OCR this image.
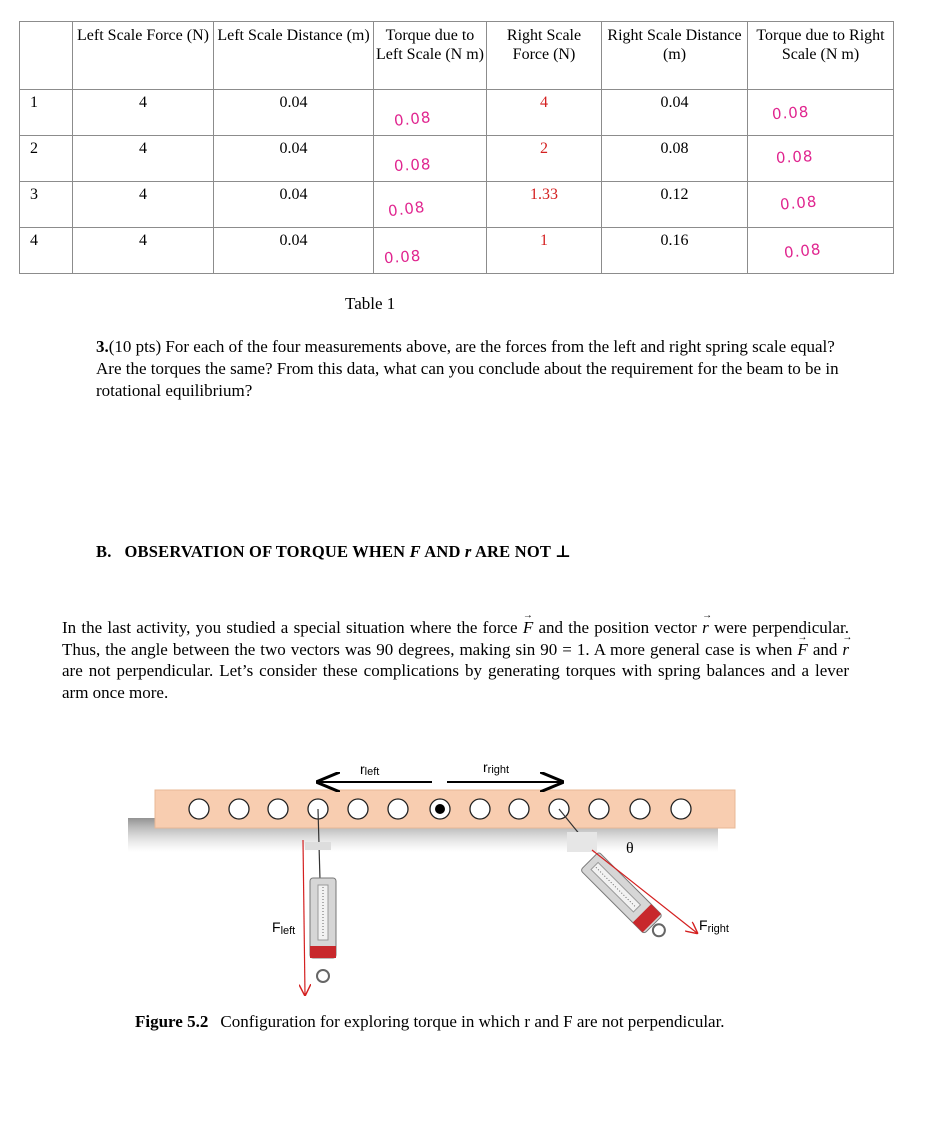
	Left Scale Force (N)	Left Scale Distance (m)	Torque due to Left Scale (N m)	Right Scale Force (N)	Right Scale Distance (m)	Torque due to Right Scale (N m)
1	4	0.04	0.08	4	0.04	0.08

2	4	0.04	0.08	2	0.08	0.08

3	4	0.04	0.08	1.33	0.12	0.08

4	4	0.04	0.08	1	0.16	0.08
Table 1
3.(10 pts) For each of the four measurements above, are the forces from the left and right spring scale equal? Are the torques the same? From this data, what can you conclude about the requirement for the beam to be in rotational equilibrium?
B.   OBSERVATION OF TORQUE WHEN F AND r ARE NOT ⊥
In the last activity, you studied a special situation where the force → F and the position vector → r were perpendicular. Thus, the angle between the two vectors was 90 degrees, making sin 90 = 1. A more general case is when → F and → r are not perpendicular. Let’s consider these complications by generating torques with spring balances and a lever arm once more.
rleft	rright
Fleft	Fright
θ
Figure 5.2 Configuration for exploring torque in which r and F are not perpendicular.
